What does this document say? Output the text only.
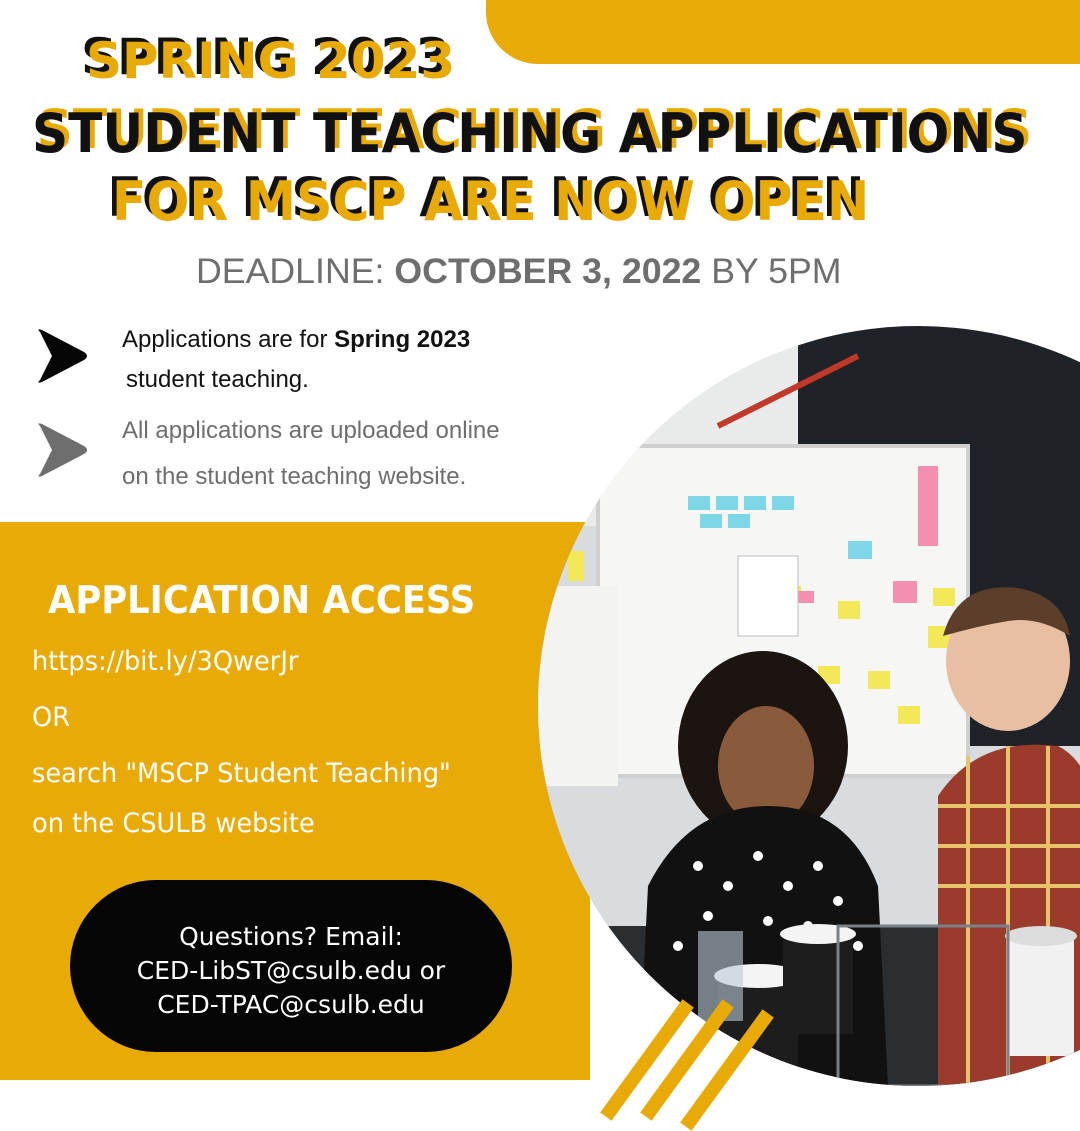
SPRING 2023
STUDENT TEACHING APPLICATIONS
FOR MSCP ARE NOW OPEN
DEADLINE: OCTOBER 3, 2022 BY 5PM
Applications are for Spring 2023
student teaching.
All applications are uploaded online
on the student teaching website.
APPLICATION ACCESS
https://bit.ly/3QwerJr
OR
search "MSCP Student Teaching"
on the CSULB website
Questions? Email:
CED-LibST@csulb.edu or
CED-TPAC@csulb.edu
